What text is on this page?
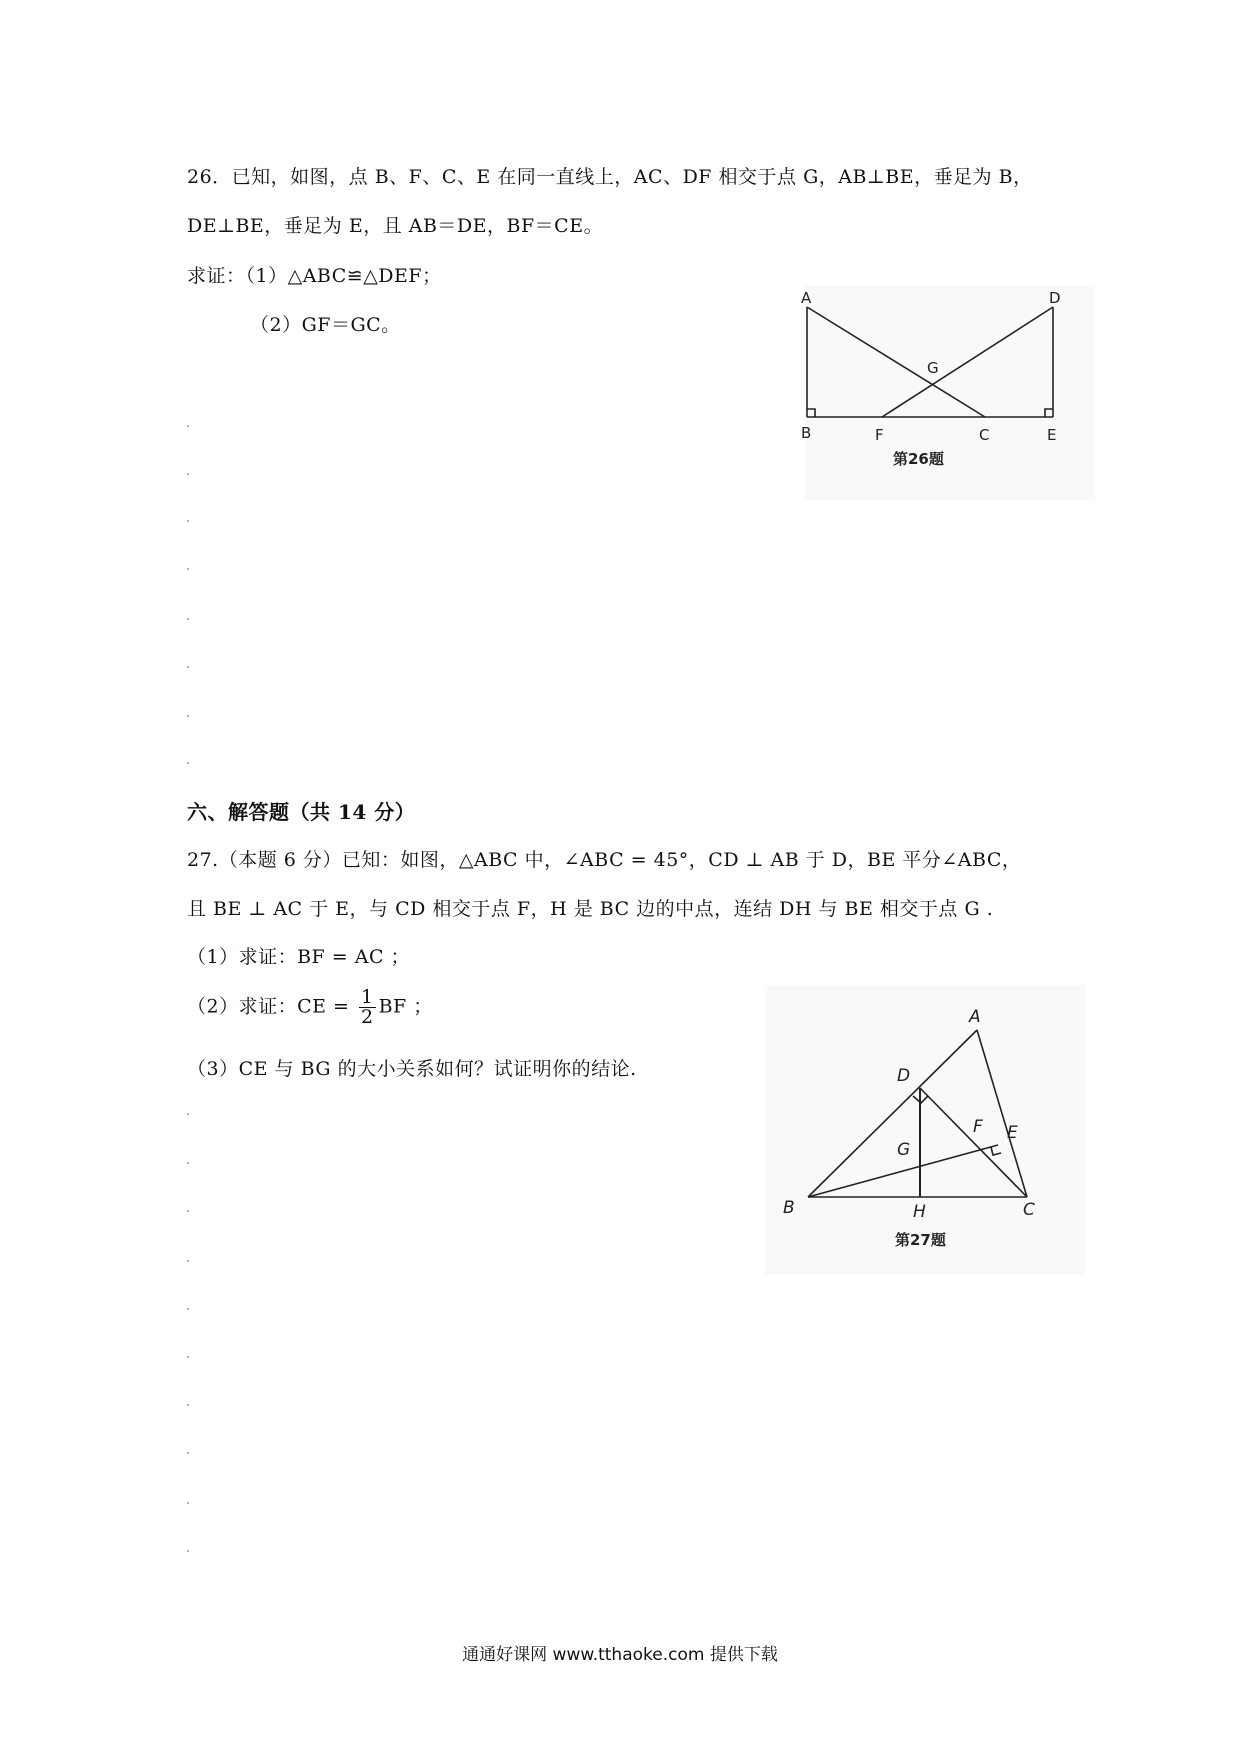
26．已知，如图，点 B、F、C、E 在同一直线上，AC、DF 相交于点 G，AB⊥BE，垂足为 B，
DE⊥BE，垂足为 E，且 AB＝DE，BF＝CE。
求证：（1）△ABC≌△DEF；
（2）GF＝GC。
A
B	F	C	E
D
G
第26题
六、解答题（共 14 分）
27.（本题 6 分）已知：如图，△ABC 中，∠ABC = 45°，CD ⊥ AB 于 D，BE 平分∠ABC，
且 BE ⊥ AC 于 E，与 CD 相交于点 F，H 是 BC 边的中点，连结 DH 与 BE 相交于点 G .
（1）求证：BF = AC ；
（2）求证：CE = $\frac{1}{2}$ BF ；
（3）CE 与 BG 的大小关系如何？试证明你的结论.
A
D
F E
G
B	H	C
第27题
通通好课网 www.tthaoke.com 提供下载
